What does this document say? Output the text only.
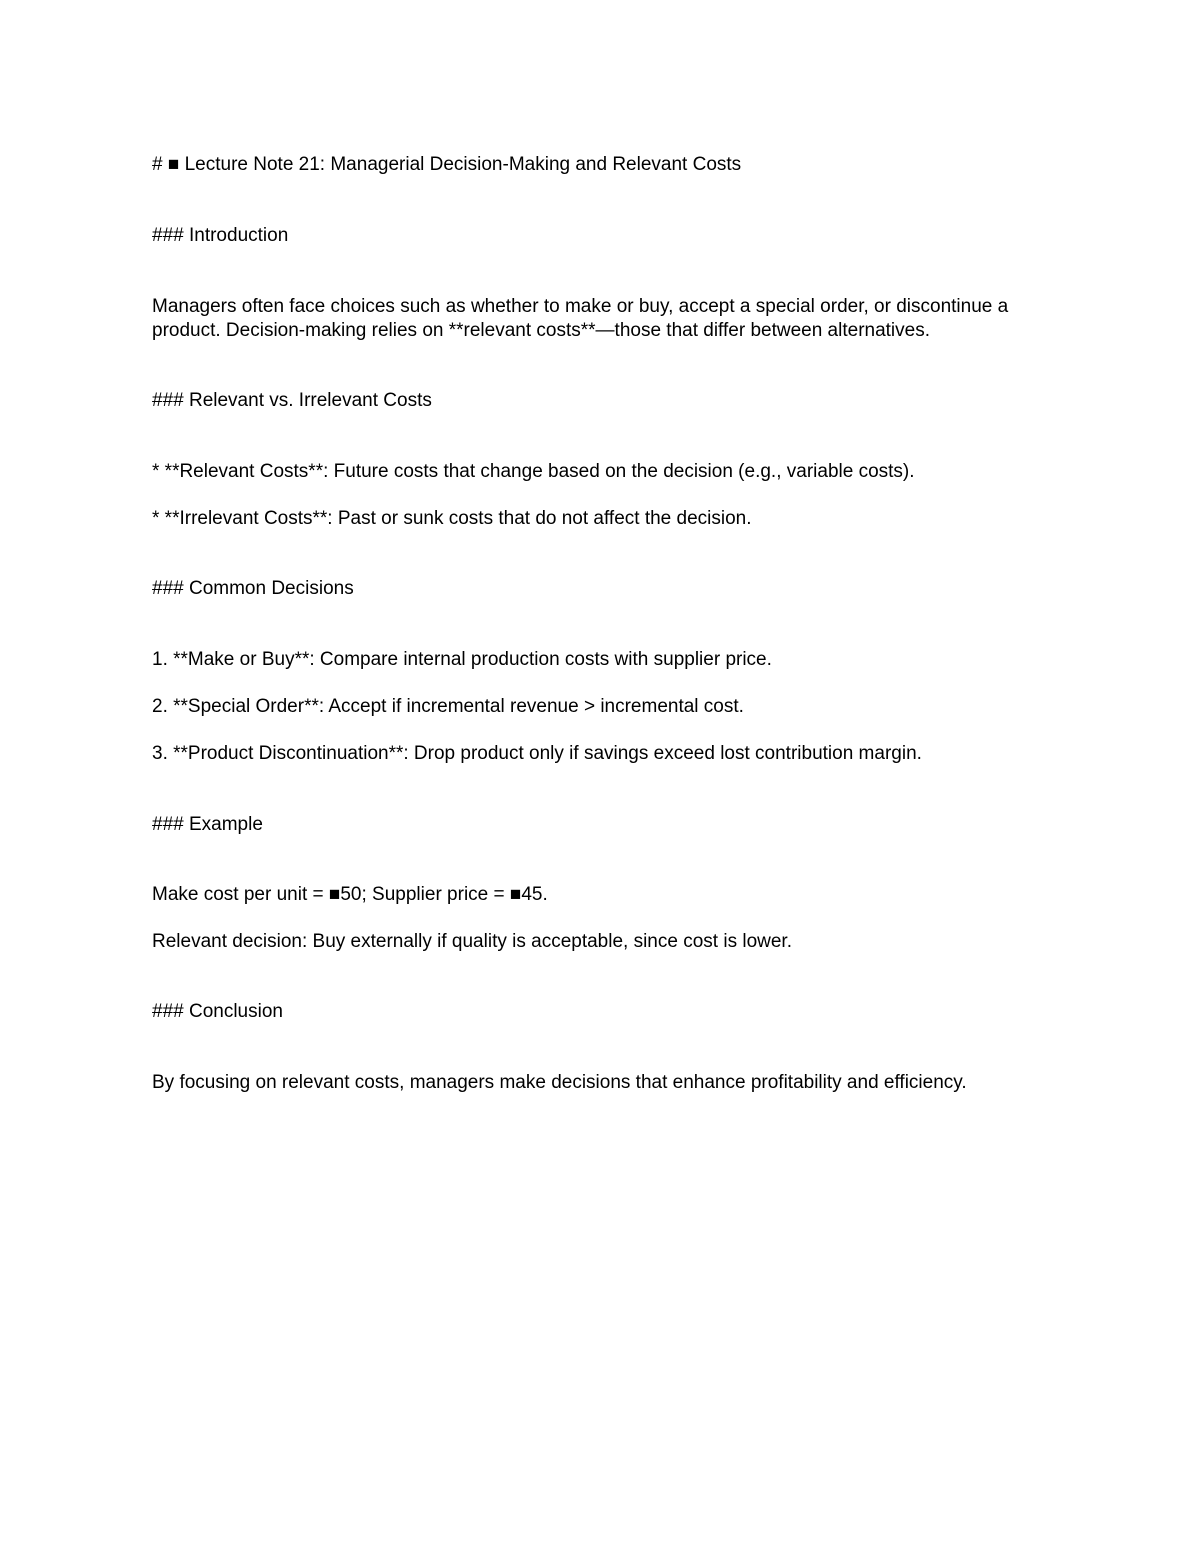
# ■ Lecture Note 21: Managerial Decision-Making and Relevant Costs

### Introduction

Managers often face choices such as whether to make or buy, accept a special order, or discontinue a

product. Decision-making relies on **relevant costs**—those that differ between alternatives.

### Relevant vs. Irrelevant Costs

* **Relevant Costs**: Future costs that change based on the decision (e.g., variable costs).

* **Irrelevant Costs**: Past or sunk costs that do not affect the decision.

### Common Decisions

1. **Make or Buy**: Compare internal production costs with supplier price.

2. **Special Order**: Accept if incremental revenue > incremental cost.

3. **Product Discontinuation**: Drop product only if savings exceed lost contribution margin.

### Example

Make cost per unit = ■50; Supplier price = ■45.

Relevant decision: Buy externally if quality is acceptable, since cost is lower.

### Conclusion

By focusing on relevant costs, managers make decisions that enhance profitability and efficiency.
